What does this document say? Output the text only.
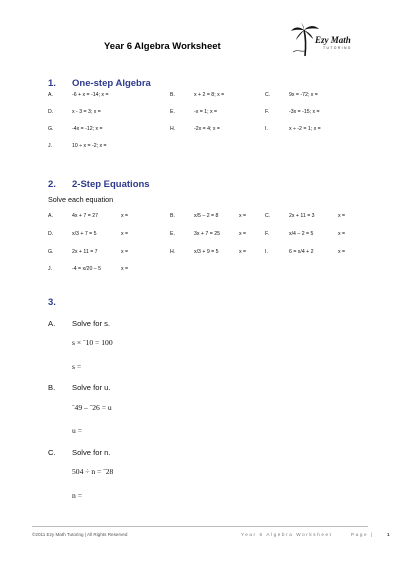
Year 6 Algebra Worksheet
Ezy Math
TUTORING
1. One-step Algebra
A.	-6 + x = -14; x =	B.	x + 2 = 8; x =	C.	9x = -72; x =
D.	x - 3 = 3; x =	E.	-x = 1; x =	F.	-3x = -15; x =
G.	-4x = -12; x =	H.	-2x = 4; x =	I.	x ÷ -2 = 1; x =
J.	10 ÷ x = -2; x =
2. 2-Step Equations
Solve each equation
A.	4x + 7 = 27	x =	B.	x/5 – 2 = 8	x =	C.	2x + 11 = 3	x =
D.	x/3 + 7 = 5	x =	E.	3x + 7 = 25	x =	F.	x/4 – 2 = 5	x =
G.	2x + 11 = 7	x =	H.	x/3 + 9 = 5	x =	I.	6 = x/4 + 2	x =
J.	-4 = x/20 – 5	x =
3.
A. Solve for s.
s × ˉ10 = 100
s =
B. Solve for u.
ˉ49 – ˉ26 = u
u =
C. Solve for n.
504 ÷ n = ˉ28
n =
©2011 Ezy Math Tutoring | All Rights Reserved	Year 6 Algebra Worksheet	Page |	1
